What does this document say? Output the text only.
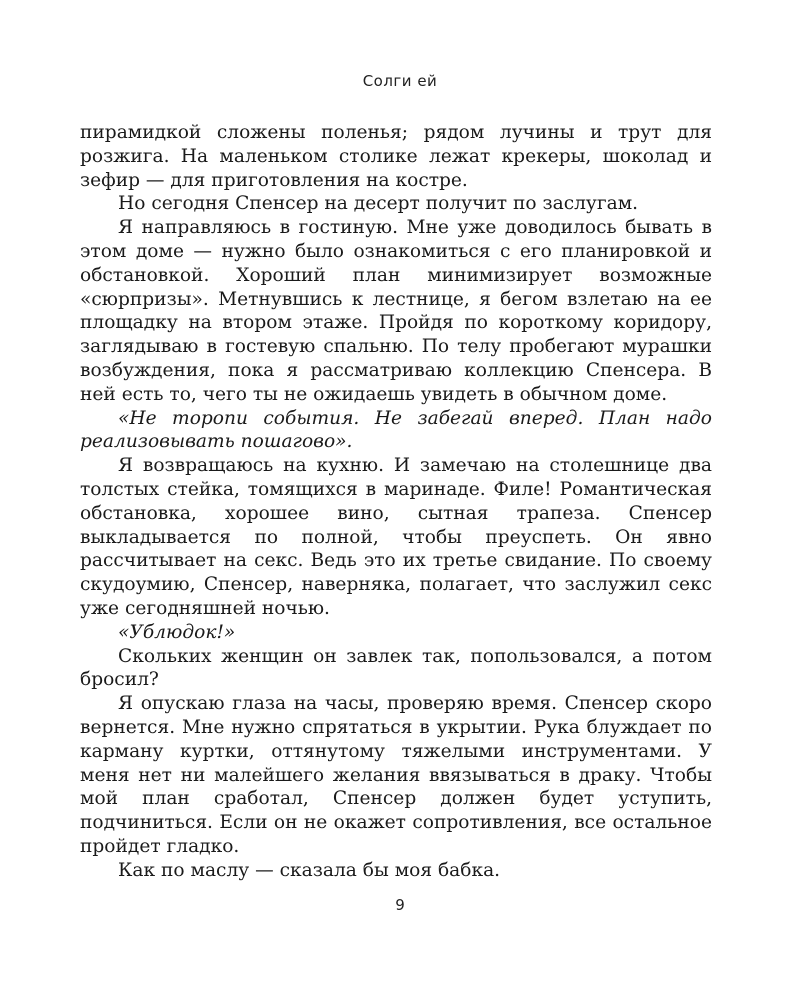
Солги ей

пирамидкой сложены поленья; рядом лучины и трут для розжига. На маленьком столике лежат крекеры, шоколад и зефир — для приготовления на костре.

Но сегодня Спенсер на десерт получит по заслугам.

Я направляюсь в гостиную. Мне уже доводилось бывать в этом доме — нужно было ознакомиться с его планировкой и обстановкой. Хороший план минимизирует возможные «сюрпризы». Метнувшись к лестнице, я бегом взлетаю на ее площадку на втором этаже. Пройдя по короткому коридору, заглядываю в гостевую спальню. По телу пробегают мурашки возбуждения, пока я рассматриваю коллекцию Спенсера. В ней есть то, чего ты не ожидаешь увидеть в обычном доме.

«Не торопи события. Не забегай вперед. План надо реализовывать пошагово».

Я возвращаюсь на кухню. И замечаю на столешнице два толстых стейка, томящихся в маринаде. Филе! Романтическая обстановка, хорошее вино, сытная трапеза. Спенсер выкладывается по полной, чтобы преуспеть. Он явно рассчитывает на секс. Ведь это их третье свидание. По своему скудоумию, Спенсер, наверняка, полагает, что заслужил секс уже сегодняшней ночью.

«Ублюдок!»

Скольких женщин он завлек так, попользовался, а потом бросил?

Я опускаю глаза на часы, проверяю время. Спенсер скоро вернется. Мне нужно спрятаться в укрытии. Рука блуждает по карману куртки, оттянутому тяжелыми инструментами. У меня нет ни малейшего желания ввязываться в драку. Чтобы мой план сработал, Спенсер должен будет уступить, подчиниться. Если он не окажет сопротивления, все остальное пройдет гладко.

Как по маслу — сказала бы моя бабка.

9
